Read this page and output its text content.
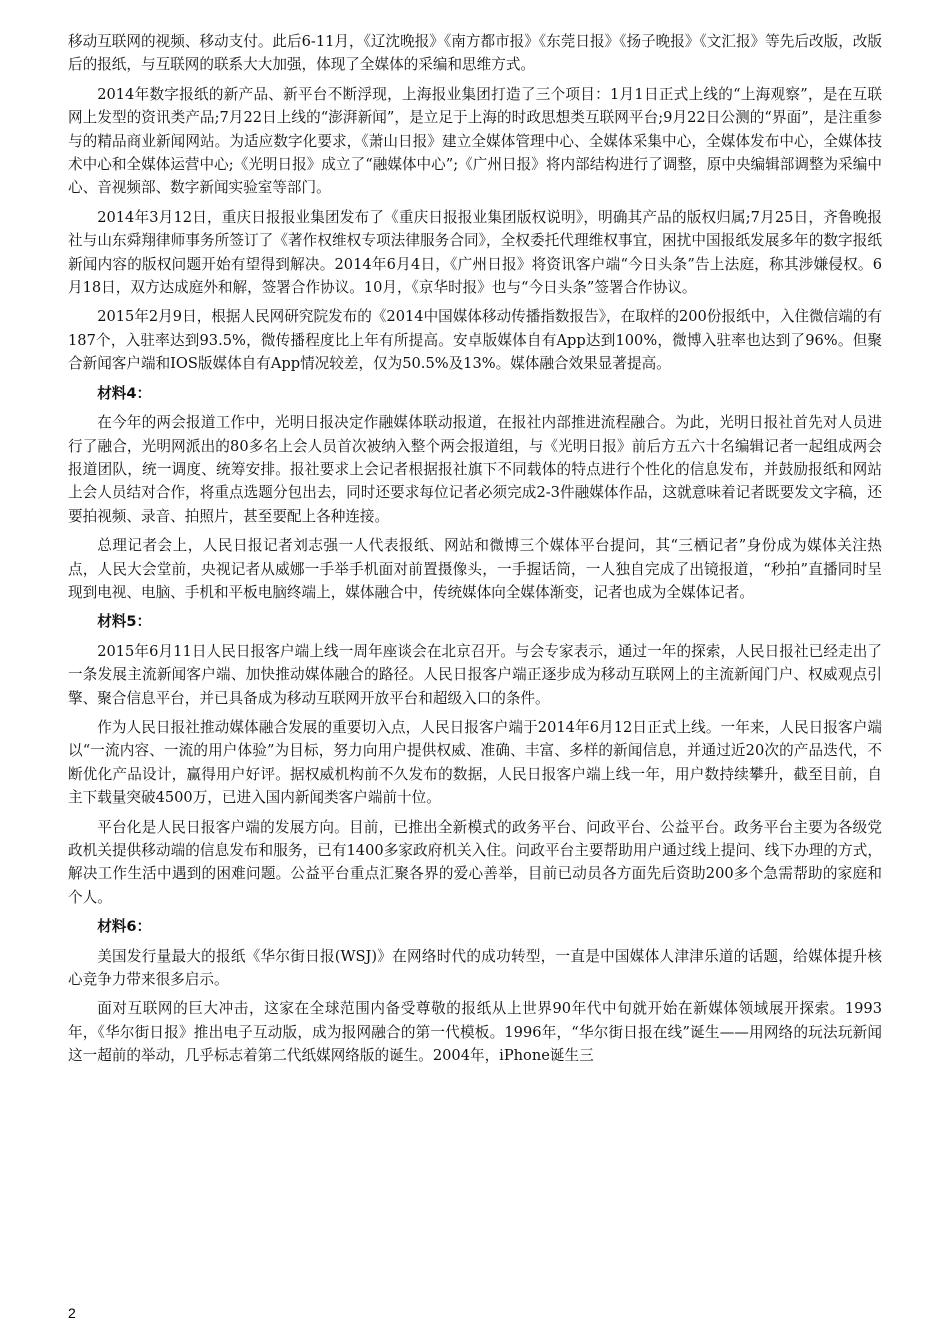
移动互联网的视频、移动支付。此后6-11月，《辽沈晚报》《南方都市报》《东莞日报》《扬子晚报》《文汇报》等先后改版，改版后的报纸，与互联网的联系大大加强，体现了全媒体的采编和思维方式。

2014年数字报纸的新产品、新平台不断浮现，上海报业集团打造了三个项目：1月1日正式上线的“上海观察”，是在互联网上发型的资讯类产品;7月22日上线的“澎湃新闻”，是立足于上海的时政思想类互联网平台;9月22日公测的“界面”，是注重参与的精品商业新闻网站。为适应数字化要求，《萧山日报》建立全媒体管理中心、全媒体采集中心，全媒体发布中心，全媒体技术中心和全媒体运营中心;《光明日报》成立了“融媒体中心”;《广州日报》将内部结构进行了调整，原中央编辑部调整为采编中心、音视频部、数字新闻实验室等部门。

2014年3月12日，重庆日报报业集团发布了《重庆日报报业集团版权说明》，明确其产品的版权归属;7月25日，齐鲁晚报社与山东舜翔律师事务所签订了《著作权维权专项法律服务合同》，全权委托代理维权事宜，困扰中国报纸发展多年的数字报纸新闻内容的版权问题开始有望得到解决。2014年6月4日，《广州日报》将资讯客户端“今日头条”告上法庭，称其涉嫌侵权。6月18日，双方达成庭外和解，签署合作协议。10月，《京华时报》也与“今日头条”签署合作协议。

2015年2月9日，根据人民网研究院发布的《2014中国媒体移动传播指数报告》，在取样的200份报纸中，入住微信端的有187个，入驻率达到93.5%，微传播程度比上年有所提高。安卓版媒体自有App达到100%，微博入驻率也达到了96%。但聚合新闻客户端和IOS版媒体自有App情况较差，仅为50.5%及13%。媒体融合效果显著提高。

材料4：

在今年的两会报道工作中，光明日报决定作融媒体联动报道，在报社内部推进流程融合。为此，光明日报社首先对人员进行了融合，光明网派出的80多名上会人员首次被纳入整个两会报道组，与《光明日报》前后方五六十名编辑记者一起组成两会报道团队，统一调度、统筹安排。报社要求上会记者根据报社旗下不同载体的特点进行个性化的信息发布，并鼓励报纸和网站上会人员结对合作，将重点选题分包出去，同时还要求每位记者必须完成2-3件融媒体作品，这就意味着记者既要发文字稿，还要拍视频、录音、拍照片，甚至要配上各种连接。

总理记者会上，人民日报记者刘志强一人代表报纸、网站和微博三个媒体平台提问，其“三栖记者”身份成为媒体关注热点，人民大会堂前，央视记者从威娜一手举手机面对前置摄像头，一手握话筒，一人独自完成了出镜报道，“秒拍”直播同时呈现到电视、电脑、手机和平板电脑终端上，媒体融合中，传统媒体向全媒体渐变，记者也成为全媒体记者。

材料5：

2015年6月11日人民日报客户端上线一周年座谈会在北京召开。与会专家表示，通过一年的探索，人民日报社已经走出了一条发展主流新闻客户端、加快推动媒体融合的路径。人民日报客户端正逐步成为移动互联网上的主流新闻门户、权威观点引擎、聚合信息平台，并已具备成为移动互联网开放平台和超级入口的条件。

作为人民日报社推动媒体融合发展的重要切入点，人民日报客户端于2014年6月12日正式上线。一年来，人民日报客户端以“一流内容、一流的用户体验”为目标，努力向用户提供权威、准确、丰富、多样的新闻信息，并通过近20次的产品迭代，不断优化产品设计，赢得用户好评。据权威机构前不久发布的数据，人民日报客户端上线一年，用户数持续攀升，截至目前，自主下载量突破4500万，已进入国内新闻类客户端前十位。

平台化是人民日报客户端的发展方向。目前，已推出全新模式的政务平台、问政平台、公益平台。政务平台主要为各级党政机关提供移动端的信息发布和服务，已有1400多家政府机关入住。问政平台主要帮助用户通过线上提问、线下办理的方式，解决工作生活中遇到的困难问题。公益平台重点汇聚各界的爱心善举，目前已动员各方面先后资助200多个急需帮助的家庭和个人。

材料6：

美国发行量最大的报纸《华尔街日报(WSJ)》在网络时代的成功转型，一直是中国媒体人津津乐道的话题，给媒体提升核心竞争力带来很多启示。

面对互联网的巨大冲击，这家在全球范围内备受尊敬的报纸从上世界90年代中旬就开始在新媒体领域展开探索。1993年，《华尔街日报》推出电子互动版，成为报网融合的第一代模板。1996年，“华尔街日报在线”诞生——用网络的玩法玩新闻这一超前的举动，几乎标志着第二代纸媒网络版的诞生。2004年，iPhone诞生三

2
